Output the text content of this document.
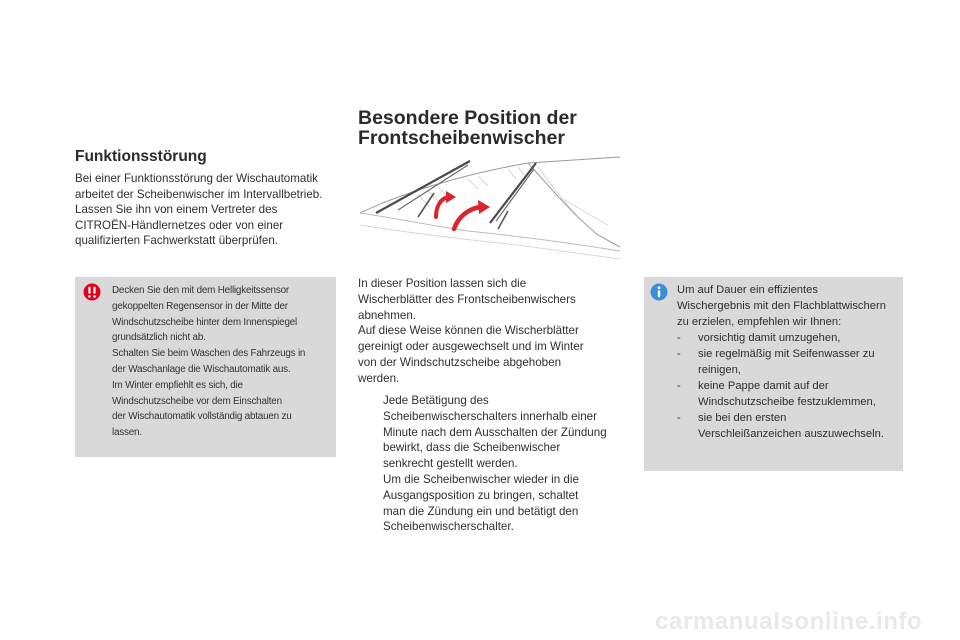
Funktionsstörung
Bei einer Funktionsstörung der Wischautomatik
arbeitet der Scheibenwischer im Intervallbetrieb.
Lassen Sie ihn von einem Vertreter des
CITROËN-Händlernetzes oder von einer
qualifizierten Fachwerkstatt überprüfen.
Decken Sie den mit dem Helligkeitssensor
gekoppelten Regensensor in der Mitte der
Windschutzscheibe hinter dem Innenspiegel
grundsätzlich nicht ab.
Schalten Sie beim Waschen des Fahrzeugs in
der Waschanlage die Wischautomatik aus.
Im Winter empfiehlt es sich, die
Windschutzscheibe vor dem Einschalten
der Wischautomatik vollständig abtauen zu
lassen.
Besondere Position der
Frontscheibenwischer
In dieser Position lassen sich die
Wischerblätter des Frontscheibenwischers
abnehmen.
Auf diese Weise können die Wischerblätter
gereinigt oder ausgewechselt und im Winter
von der Windschutzscheibe abgehoben
werden.
Jede Betätigung des
Scheibenwischerschalters innerhalb einer
Minute nach dem Ausschalten der Zündung
bewirkt, dass die Scheibenwischer
senkrecht gestellt werden.
Um die Scheibenwischer wieder in die
Ausgangsposition zu bringen, schaltet
man die Zündung ein und betätigt den
Scheibenwischerschalter.
Um auf Dauer ein effizientes
Wischergebnis mit den Flachblattwischern
zu erzielen, empfehlen wir Ihnen:
-	vorsichtig damit umzugehen,
-	sie regelmäßig mit Seifenwasser zu
reinigen,
-	keine Pappe damit auf der
Windschutzscheibe festzuklemmen,
-	sie bei den ersten
Verschleißanzeichen auszuwechseln.
carmanualsonline.info
